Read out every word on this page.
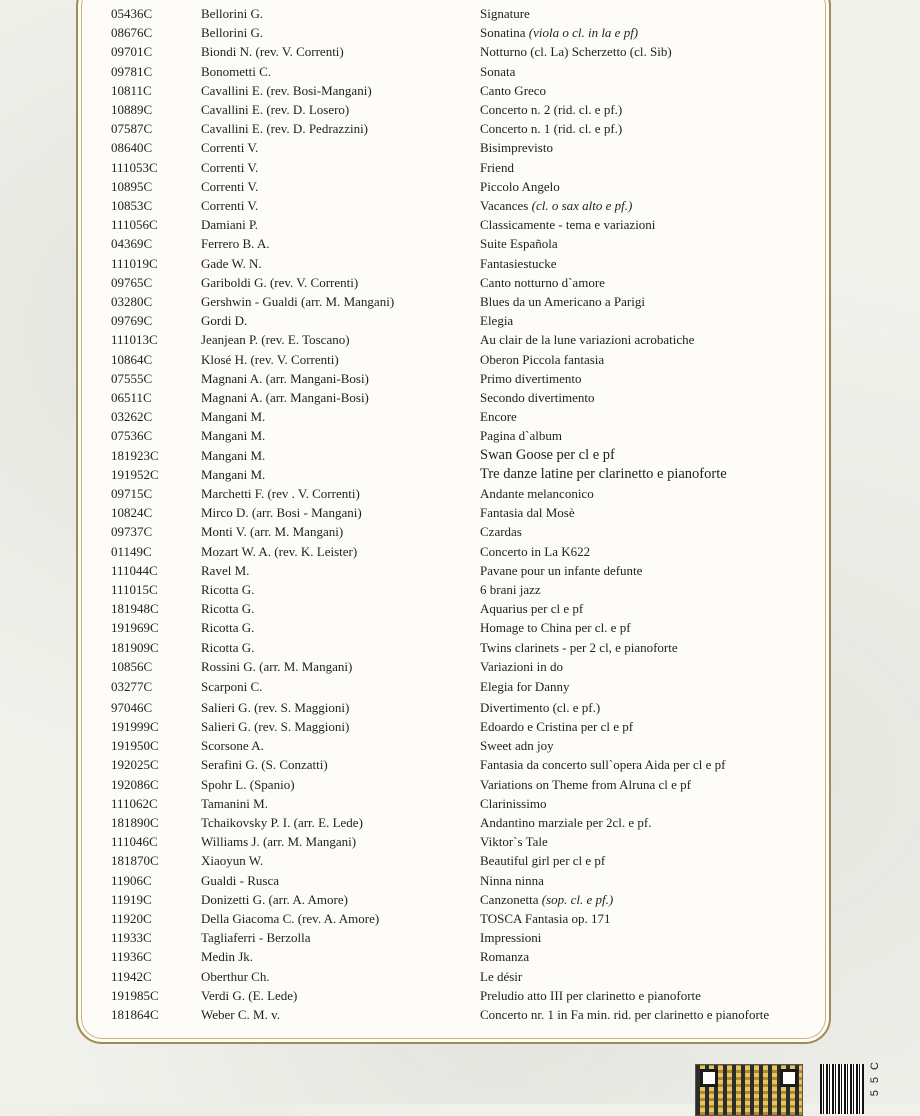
05436C	Bellorini G.	Signature
08676C	Bellorini G.	Sonatina (viola o cl. in la e pf)
09701C	Biondi N. (rev. V. Correnti)	Notturno (cl. La) Scherzetto (cl. Sib)
09781C	Bonometti C.	Sonata
10811C	Cavallini E. (rev. Bosi-Mangani)	Canto Greco
10889C	Cavallini E. (rev. D. Losero)	Concerto n. 2 (rid. cl. e pf.)
07587C	Cavallini E. (rev. D. Pedrazzini)	Concerto n. 1 (rid. cl. e pf.)
08640C	Correnti V.	Bisimprevisto
111053C	Correnti V.	Friend
10895C	Correnti V.	Piccolo Angelo
10853C	Correnti V.	Vacances (cl. o sax alto e pf.)
111056C	Damiani P.	Classicamente - tema e variazioni
04369C	Ferrero B. A.	Suite Española
111019C	Gade W. N.	Fantasiestucke
09765C	Gariboldi G. (rev. V. Correnti)	Canto notturno d`amore
03280C	Gershwin - Gualdi (arr. M. Mangani)	Blues da un Americano a Parigi
09769C	Gordi D.	Elegia
111013C	Jeanjean P. (rev. E. Toscano)	Au clair de la lune variazioni acrobatiche
10864C	Klosé H. (rev. V. Correnti)	Oberon Piccola fantasia
07555C	Magnani A. (arr. Mangani-Bosi)	Primo divertimento
06511C	Magnani A. (arr. Mangani-Bosi)	Secondo divertimento
03262C	Mangani M.	Encore
07536C	Mangani M.	Pagina d`album
181923C	Mangani M.	Swan Goose per cl e pf
191952C	Mangani M.	Tre danze latine per clarinetto e pianoforte
09715C	Marchetti F. (rev . V. Correnti)	Andante melanconico
10824C	Mirco D. (arr. Bosi - Mangani)	Fantasia dal Mosè
09737C	Monti V. (arr. M. Mangani)	Czardas
01149C	Mozart W. A. (rev. K. Leister)	Concerto in La K622
111044C	Ravel M.	Pavane pour un infante defunte
111015C	Ricotta G.	6 brani jazz
181948C	Ricotta G.	Aquarius per cl e pf
191969C	Ricotta G.	Homage to China per cl. e pf
181909C	Ricotta G.	Twins clarinets - per 2 cl, e pianoforte
10856C	Rossini G. (arr. M. Mangani)	Variazioni in do
03277C	Scarponi C.	Elegia for Danny
97046C	Salieri G. (rev. S. Maggioni)	Divertimento (cl. e pf.)
191999C	Salieri G. (rev. S. Maggioni)	Edoardo e Cristina per cl e pf
191950C	Scorsone A.	Sweet adn joy
192025C	Serafini G. (S. Conzatti)	Fantasia da concerto sull`opera Aida per cl e pf
192086C	Spohr L. (Spanio)	Variations on Theme from Alruna cl e pf
111062C	Tamanini M.	Clarinissimo
181890C	Tchaikovsky P. I. (arr. E. Lede)	Andantino marziale per 2cl. e pf.
111046C	Williams J. (arr. M. Mangani)	Viktor`s Tale
181870C	Xiaoyun W.	Beautiful girl per cl e pf
11906C	Gualdi - Rusca	Ninna ninna
11919C	Donizetti G. (arr. A. Amore)	Canzonetta (sop. cl. e pf.)
11920C	Della Giacoma C. (rev. A. Amore)	TOSCA Fantasia op. 171
11933C	Tagliaferri - Berzolla	Impressioni
11936C	Medin Jk.	Romanza
11942C	Oberthur Ch.	Le désir
191985C	Verdi G. (E. Lede)	Preludio atto III per clarinetto e pianoforte
181864C	Weber C. M. v.	Concerto nr. 1 in Fa min. rid. per clarinetto e pianoforte
5 5 C
